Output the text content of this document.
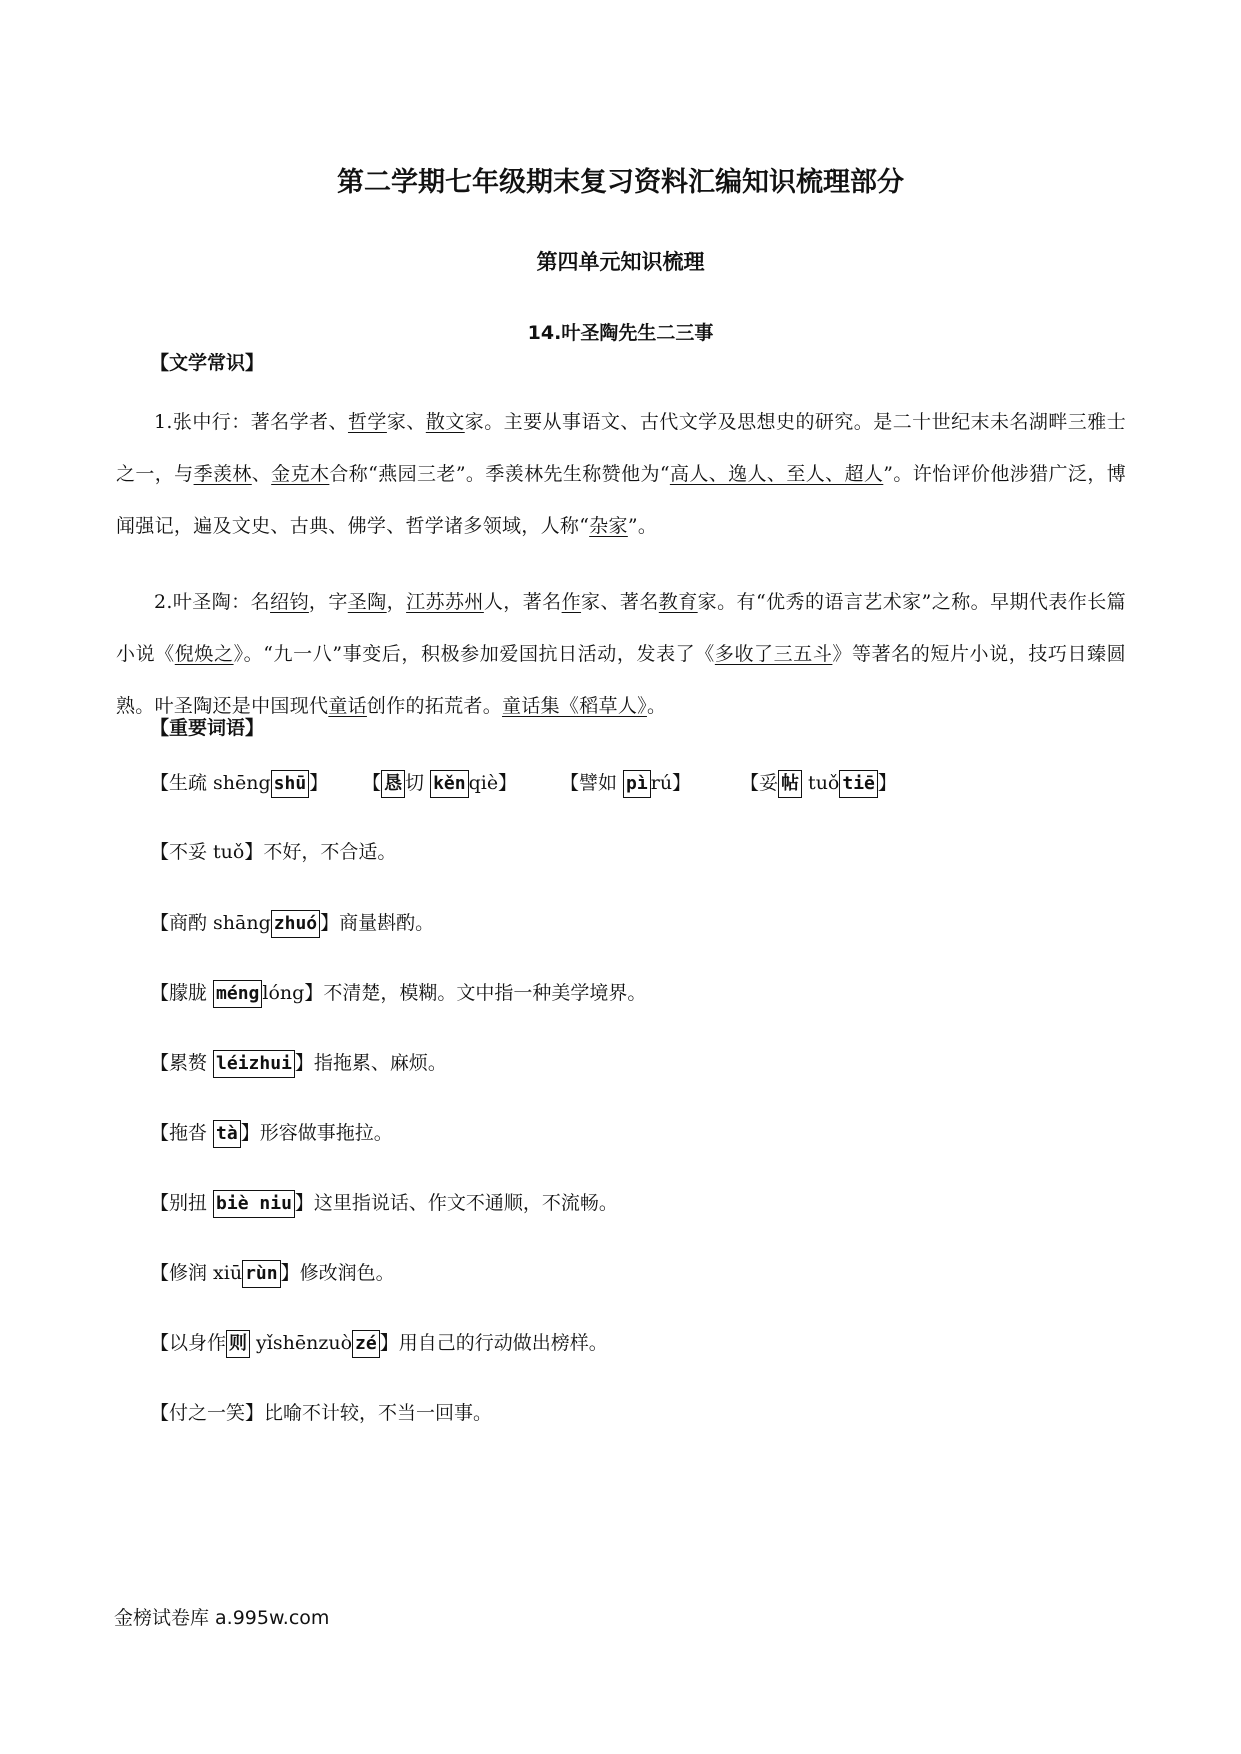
第二学期七年级期末复习资料汇编知识梳理部分
第四单元知识梳理
14.叶圣陶先生二三事
【文学常识】
1.张中行：著名学者、哲学家、散文家。主要从事语文、古代文学及思想史的研究。是二十世纪末未名湖畔三雅士之一，与季羡林、金克木合称“燕园三老”。季羡林先生称赞他为“高人、逸人、至人、超人”。许怡评价他涉猎广泛，博闻强记，遍及文史、古典、佛学、哲学诸多领域，人称“杂家”。
2.叶圣陶：名绍钧，字圣陶，江苏苏州人，著名作家、著名教育家。有“优秀的语言艺术家”之称。早期代表作长篇小说《倪焕之》。“九一八”事变后，积极参加爱国抗日活动，发表了《多收了三五斗》等著名的短片小说，技巧日臻圆熟。叶圣陶还是中国现代童话创作的拓荒者。童话集《稻草人》。
【重要词语】
【生疏 shēng shū 】 【 恳 切 kěn qiè】 【譬如 pì rú】	【妥 帖 tuǒ tiē 】
【不妥 tuǒ】不好，不合适。
【商酌 shāng zhuó 】商量斟酌。
【朦胧 méng lóng】不清楚，模糊。文中指一种美学境界。
【累赘 léizhui 】指拖累、麻烦。
【拖沓 tà 】形容做事拖拉。
【别扭 biè niu 】这里指说话、作文不通顺，不流畅。
【修润 xiū rùn 】修改润色。
【以身作 则 yǐshēnzuò zé 】用自己的行动做出榜样。
【付之一笑】比喻不计较，不当一回事。
金榜试卷库 a.995w.com
